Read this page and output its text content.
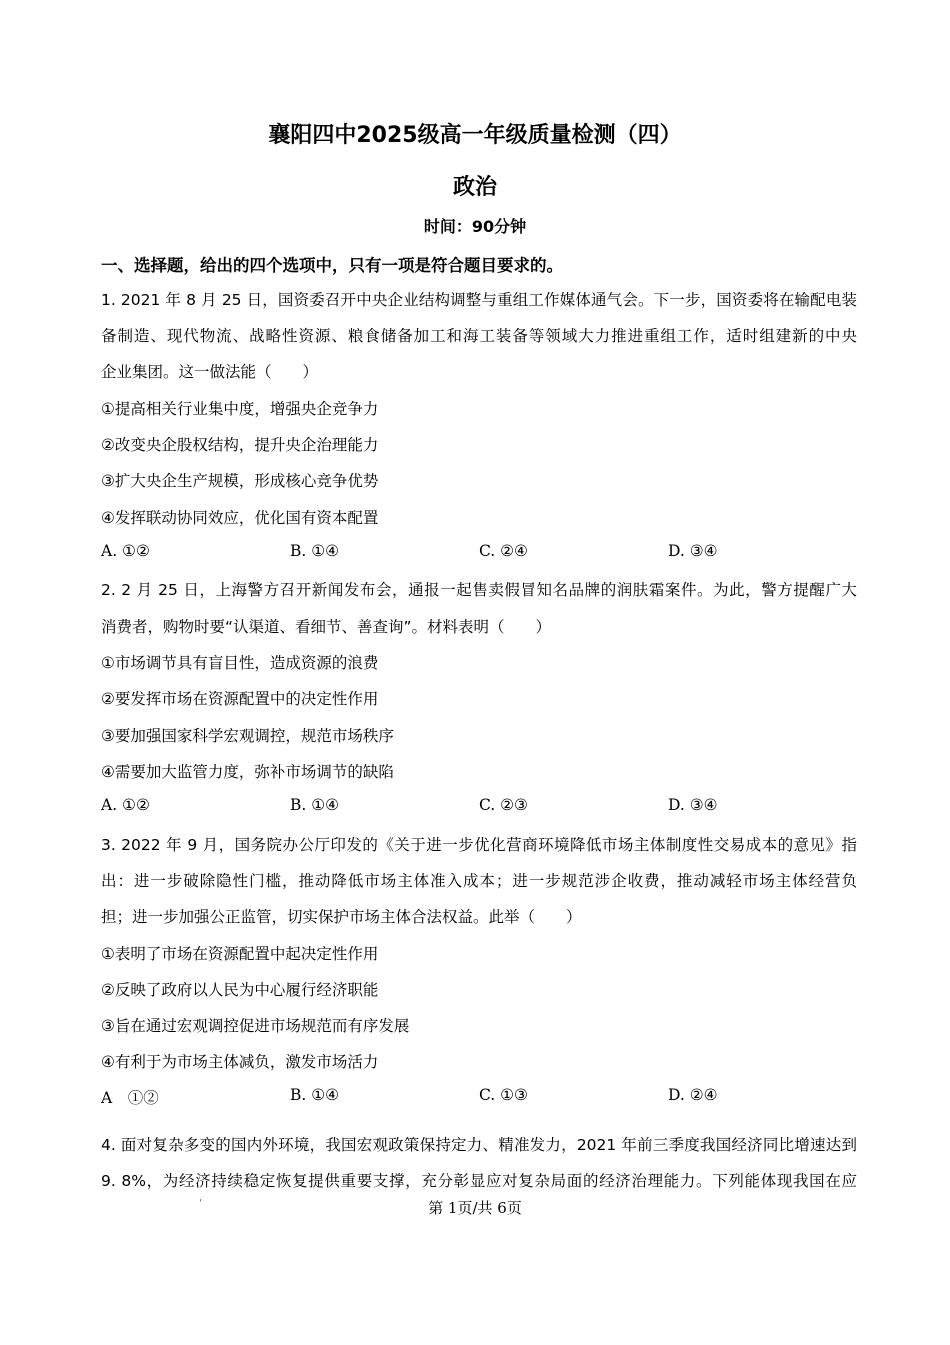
襄阳四中2025级高一年级质量检测（四）
政治
时间：90分钟
一、选择题，给出的四个选项中，只有一项是符合题目要求的。
1. 2021 年 8 月 25 日，国资委召开中央企业结构调整与重组工作媒体通气会。下一步，国资委将在输配电装
备制造、现代物流、战略性资源、粮食储备加工和海工装备等领域大力推进重组工作，适时组建新的中央
企业集团。这一做法能（　　）
①提高相关行业集中度，增强央企竞争力
②改变央企股权结构，提升央企治理能力
③扩大央企生产规模，形成核心竞争优势
④发挥联动协同效应，优化国有资本配置
A. ①②	B. ①④	C. ②④	D. ③④
2. 2 月 25 日，上海警方召开新闻发布会，通报一起售卖假冒知名品牌的润肤霜案件。为此，警方提醒广大
消费者，购物时要“认渠道、看细节、善查询”。材料表明（　　）
①市场调节具有盲目性，造成资源的浪费
②要发挥市场在资源配置中的决定性作用
③要加强国家科学宏观调控，规范市场秩序
④需要加大监管力度，弥补市场调节的缺陷
A. ①②	B. ①④	C. ②③	D. ③④
3. 2022 年 9 月，国务院办公厅印发的《关于进一步优化营商环境降低市场主体制度性交易成本的意见》指
出：进一步破除隐性门槛，推动降低市场主体准入成本；进一步规范涉企收费，推动减轻市场主体经营负
担；进一步加强公正监管，切实保护市场主体合法权益。此举（　　）
①表明了市场在资源配置中起决定性作用
②反映了政府以人民为中心履行经济职能
③旨在通过宏观调控促进市场规范而有序发展
④有利于为市场主体减负，激发市场活力
A　①②	B. ①④	C. ①③	D. ②④
4. 面对复杂多变的国内外环境，我国宏观政策保持定力、精准发力，2021 年前三季度我国经济同比增速达到
9. 8%，为经济持续稳定恢复提供重要支撑，充分彰显应对复杂局面的经济治理能力。下列能体现我国在应
'	第 1页/共 6页
